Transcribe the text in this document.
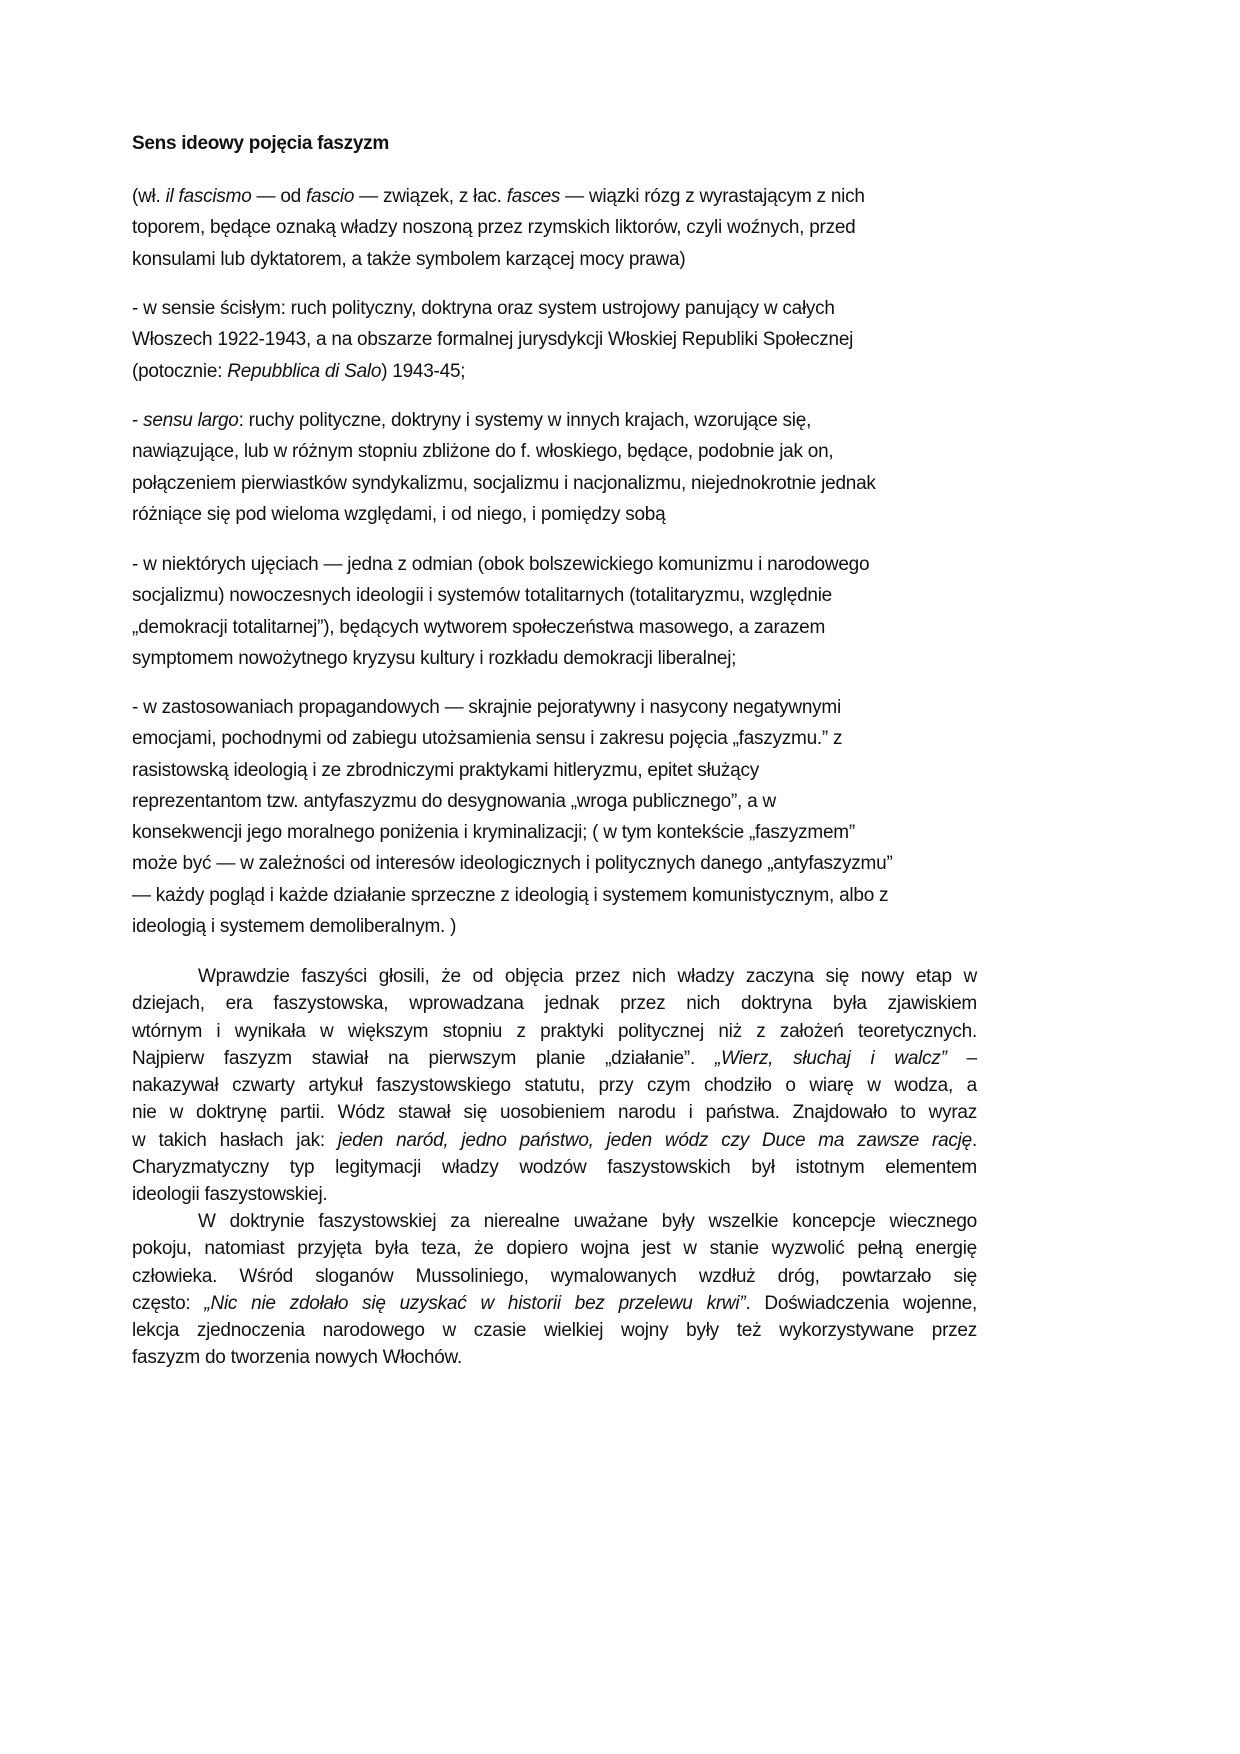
Sens ideowy pojęcia faszyzm
(wł. il fascismo — od fascio — związek, z łac. fasces — wiązki rózg z wyrastającym z nich
toporem, będące oznaką władzy noszoną przez rzymskich liktorów, czyli woźnych, przed
konsulami lub dyktatorem, a także symbolem karzącej mocy prawa)
- w sensie ścisłym: ruch polityczny, doktryna oraz system ustrojowy panujący w całych
Włoszech 1922-1943, a na obszarze formalnej jurysdykcji Włoskiej Republiki Społecznej
(potocznie: Repubblica di Salo) 1943-45;
- sensu largo: ruchy polityczne, doktryny i systemy w innych krajach, wzorujące się,
nawiązujące, lub w różnym stopniu zbliżone do f. włoskiego, będące, podobnie jak on,
połączeniem pierwiastków syndykalizmu, socjalizmu i nacjonalizmu, niejednokrotnie jednak
różniące się pod wieloma względami, i od niego, i pomiędzy sobą
- w niektórych ujęciach — jedna z odmian (obok bolszewickiego komunizmu i narodowego
socjalizmu) nowoczesnych ideologii i systemów totalitarnych (totalitaryzmu, względnie
„demokracji totalitarnej”), będących wytworem społeczeństwa masowego, a zarazem
symptomem nowożytnego kryzysu kultury i rozkładu demokracji liberalnej;
- w zastosowaniach propagandowych — skrajnie pejoratywny i nasycony negatywnymi
emocjami, pochodnymi od zabiegu utożsamienia sensu i zakresu pojęcia „faszyzmu.” z
rasistowską ideologią i ze zbrodniczymi praktykami hitleryzmu, epitet służący
reprezentantom tzw. antyfaszyzmu do desygnowania „wroga publicznego”, a w
konsekwencji jego moralnego poniżenia i kryminalizacji; ( w tym kontekście „faszyzmem”
może być — w zależności od interesów ideologicznych i politycznych danego „antyfaszyzmu”
— każdy pogląd i każde działanie sprzeczne z ideologią i systemem komunistycznym, albo z
ideologią i systemem demoliberalnym. )
Wprawdzie faszyści głosili, że od objęcia przez nich władzy zaczyna się nowy etap w
dziejach, era faszystowska, wprowadzana jednak przez nich doktryna była zjawiskiem
wtórnym i wynikała w większym stopniu z praktyki politycznej niż z założeń teoretycznych.
Najpierw faszyzm stawiał na pierwszym planie „działanie”. „Wierz, słuchaj i walcz” –
nakazywał czwarty artykuł faszystowskiego statutu, przy czym chodziło o wiarę w wodza, a
nie w doktrynę partii. Wódz stawał się uosobieniem narodu i państwa. Znajdowało to wyraz
w takich hasłach jak: jeden naród, jedno państwo, jeden wódz czy Duce ma zawsze rację.
Charyzmatyczny typ legitymacji władzy wodzów faszystowskich był istotnym elementem
ideologii faszystowskiej.
W doktrynie faszystowskiej za nierealne uważane były wszelkie koncepcje wiecznego
pokoju, natomiast przyjęta była teza, że dopiero wojna jest w stanie wyzwolić pełną energię
człowieka. Wśród sloganów Mussoliniego, wymalowanych wzdłuż dróg, powtarzało się
często: „Nic nie zdołało się uzyskać w historii bez przelewu krwi”. Doświadczenia wojenne,
lekcja zjednoczenia narodowego w czasie wielkiej wojny były też wykorzystywane przez
faszyzm do tworzenia nowych Włochów.
